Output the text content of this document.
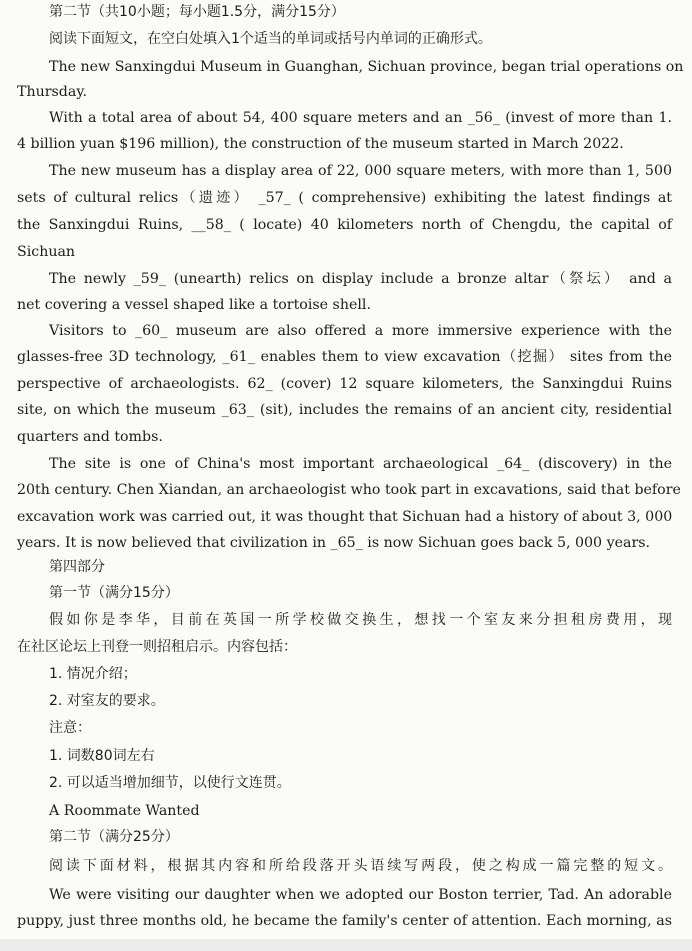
第二节（共10小题；每小题1.5分，满分15分）
阅读下面短文，在空白处填入1个适当的单词或括号内单词的正确形式。
The new Sanxingdui Museum in Guanghan, Sichuan province, began trial operations on
Thursday.
With a total area of about 54, 400 square meters and an _56_ (invest of more than 1.
4 billion yuan $196 million), the construction of the museum started in March 2022.
The new museum has a display area of 22, 000 square meters, with more than 1, 500
sets of cultural relics（遗迹） _57_ ( comprehensive) exhibiting the latest findings at
the Sanxingdui Ruins, __58_ ( locate) 40 kilometers north of Chengdu, the capital of
Sichuan
The newly _59_ (unearth) relics on display include a bronze altar（祭坛） and a
net covering a vessel shaped like a tortoise shell.
Visitors to _60_ museum are also offered a more immersive experience with the
glasses-free 3D technology, _61_ enables them to view excavation（挖掘） sites from the
perspective of archaeologists. 62_ (cover) 12 square kilometers, the Sanxingdui Ruins
site, on which the museum _63_ (sit), includes the remains of an ancient city, residential
quarters and tombs.
The site is one of China's most important archaeological _64_ (discovery) in the
20th century. Chen Xiandan, an archaeologist who took part in excavations, said that before
excavation work was carried out, it was thought that Sichuan had a history of about 3, 000
years. It is now believed that civilization in _65_ is now Sichuan goes back 5, 000 years.
第四部分
第一节（满分15分）
假如你是李华，目前在英国一所学校做交换生，想找一个室友来分担租房费用，现
在社区论坛上刊登一则招租启示。内容包括：
1. 情况介绍；
2. 对室友的要求。
注意：
1. 词数80词左右
2. 可以适当增加细节，以使行文连贯。
A Roommate Wanted
第二节（满分25分）
阅读下面材料，根据其内容和所给段落开头语续写两段，使之构成一篇完整的短文。
We were visiting our daughter when we adopted our Boston terrier, Tad. An adorable
puppy, just three months old, he became the family's center of attention. Each morning, as
